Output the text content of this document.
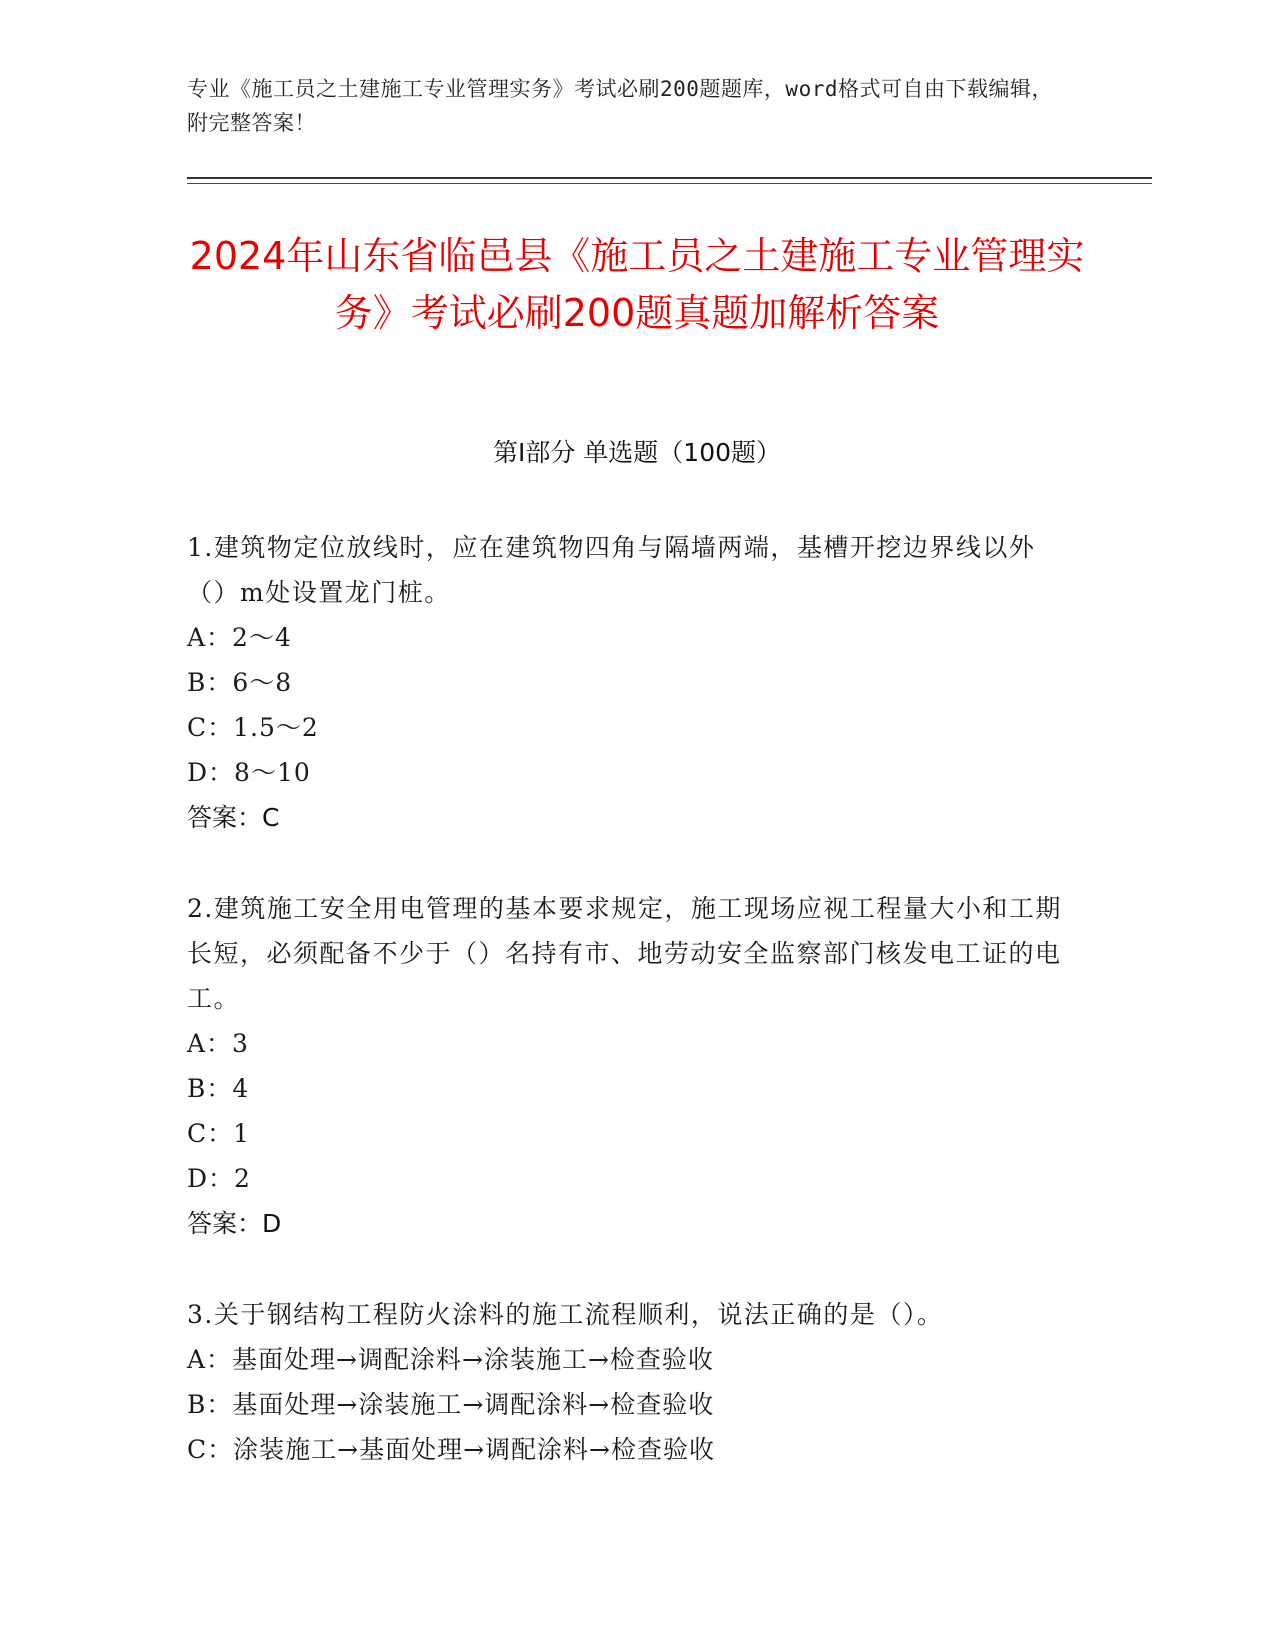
专业《施工员之土建施工专业管理实务》考试必刷200题题库，word格式可自由下载编辑，附完整答案！
2024年山东省临邑县《施工员之土建施工专业管理实务》考试必刷200题真题加解析答案
第Ⅰ部分 单选题（100题）
1.建筑物定位放线时，应在建筑物四角与隔墙两端，基槽开挖边界线以外（）m处设置龙门桩。
A：2～4
B：6～8
C：1.5～2
D：8～10
答案：C
2.建筑施工安全用电管理的基本要求规定，施工现场应视工程量大小和工期长短，必须配备不少于（）名持有市、地劳动安全监察部门核发电工证的电工。
A：3
B：4
C：1
D：2
答案：D
3.关于钢结构工程防火涂料的施工流程顺利，说法正确的是（）。
A：基面处理→调配涂料→涂装施工→检查验收
B：基面处理→涂装施工→调配涂料→检查验收
C：涂装施工→基面处理→调配涂料→检查验收
